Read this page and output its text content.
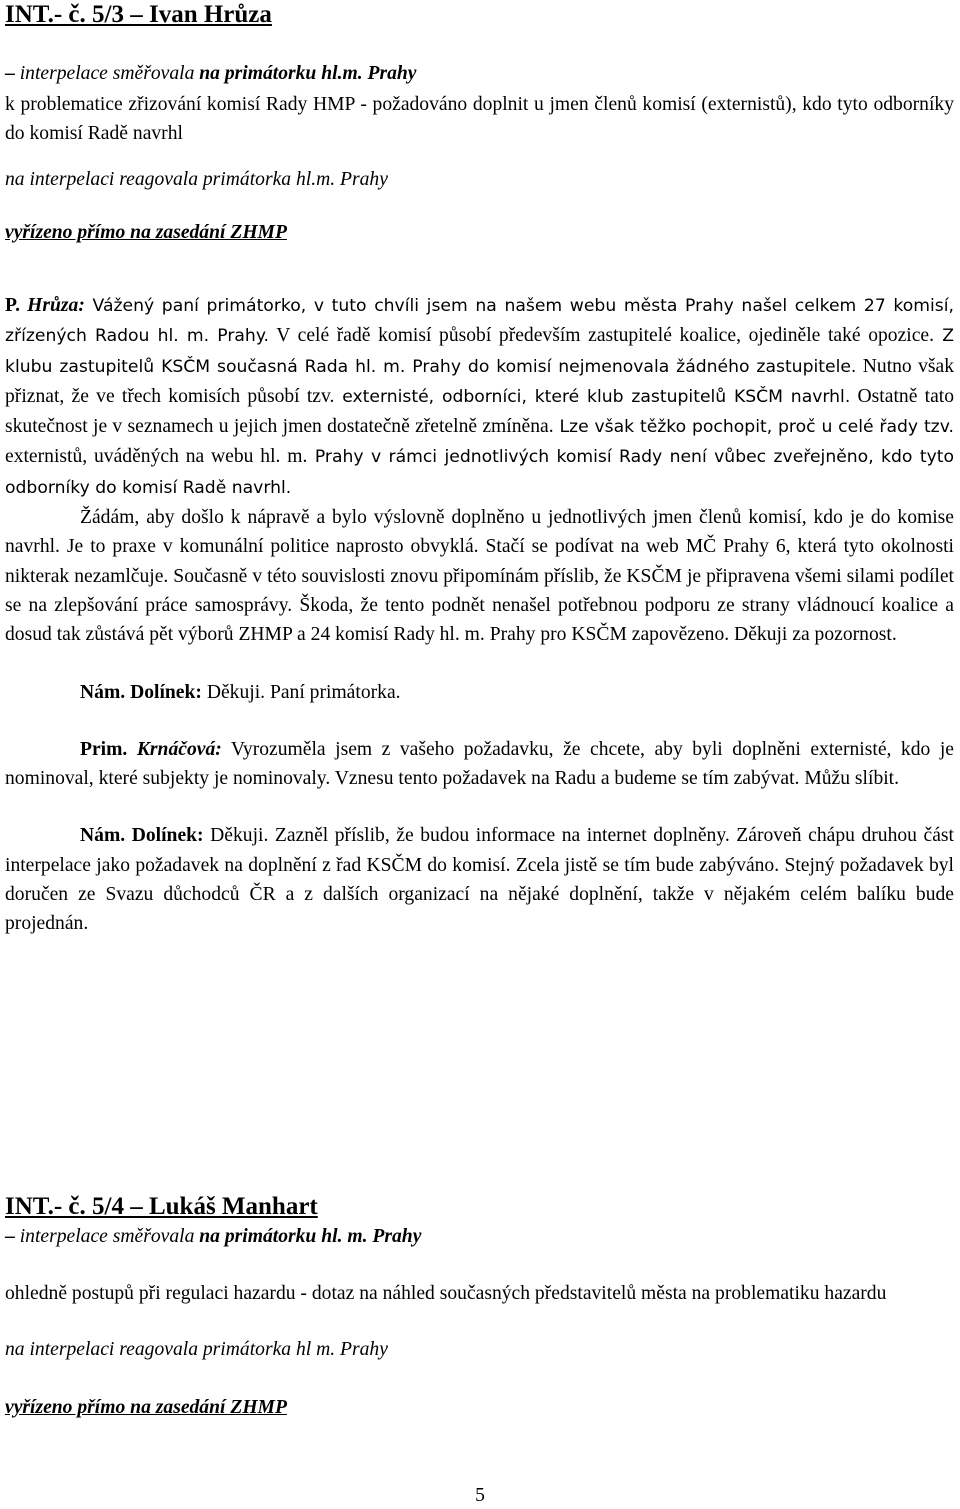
INT.- č. 5/3 – Ivan Hrůza
– interpelace směřovala na primátorku hl.m. Prahy
k problematice zřizování komisí Rady HMP - požadováno doplnit u jmen členů komisí (externistů), kdo tyto odborníky do komisí Radě navrhl
na interpelaci reagovala primátorka hl.m. Prahy
vyřízeno přímo na zasedání ZHMP
P. Hrůza: Vážený paní primátorko, v tuto chvíli jsem na našem webu města Prahy našel celkem 27 komisí, zřízených Radou hl. m. Prahy. V celé řadě komisí působí především zastupitelé koalice, ojediněle také opozice. Z klubu zastupitelů KSČM současná Rada hl. m. Prahy do komisí nejmenovala žádného zastupitele. Nutno však přiznat, že ve třech komisích působí tzv. externisté, odborníci, které klub zastupitelů KSČM navrhl. Ostatně tato skutečnost je v seznamech u jejich jmen dostatečně zřetelně zmíněna. Lze však těžko pochopit, proč u celé řady tzv. externistů, uváděných na webu hl. m. Prahy v rámci jednotlivých komisí Rady není vůbec zveřejněno, kdo tyto odborníky do komisí Radě navrhl.
Žádám, aby došlo k nápravě a bylo výslovně doplněno u jednotlivých jmen členů komisí, kdo je do komise navrhl. Je to praxe v komunální politice naprosto obvyklá. Stačí se podívat na web MČ Prahy 6, která tyto okolnosti nikterak nezamlčuje. Současně v této souvislosti znovu připomínám příslib, že KSČM je připravena všemi silami podílet se na zlepšování práce samosprávy. Škoda, že tento podnět nenašel potřebnou podporu ze strany vládnoucí koalice a dosud tak zůstává pět výborů ZHMP a 24 komisí Rady hl. m. Prahy pro KSČM zapovězeno. Děkuji za pozornost.
Nám. Dolínek: Děkuji. Paní primátorka.
Prim. Krnáčová: Vyrozuměla jsem z vašeho požadavku, že chcete, aby byli doplněni externisté, kdo je nominoval, které subjekty je nominovaly. Vznesu tento požadavek na Radu a budeme se tím zabývat. Můžu slíbit.
Nám. Dolínek: Děkuji. Zazněl příslib, že budou informace na internet doplněny. Zároveň chápu druhou část interpelace jako požadavek na doplnění z řad KSČM do komisí. Zcela jistě se tím bude zabýváno. Stejný požadavek byl doručen ze Svazu důchodců ČR a z dalších organizací na nějaké doplnění, takže v nějakém celém balíku bude projednán.
INT.- č. 5/4 – Lukáš Manhart
– interpelace směřovala na primátorku hl. m. Prahy
ohledně postupů při regulaci hazardu - dotaz na náhled současných představitelů města na problematiku hazardu
na interpelaci reagovala primátorka hl m. Prahy
vyřízeno přímo na zasedání ZHMP
5
